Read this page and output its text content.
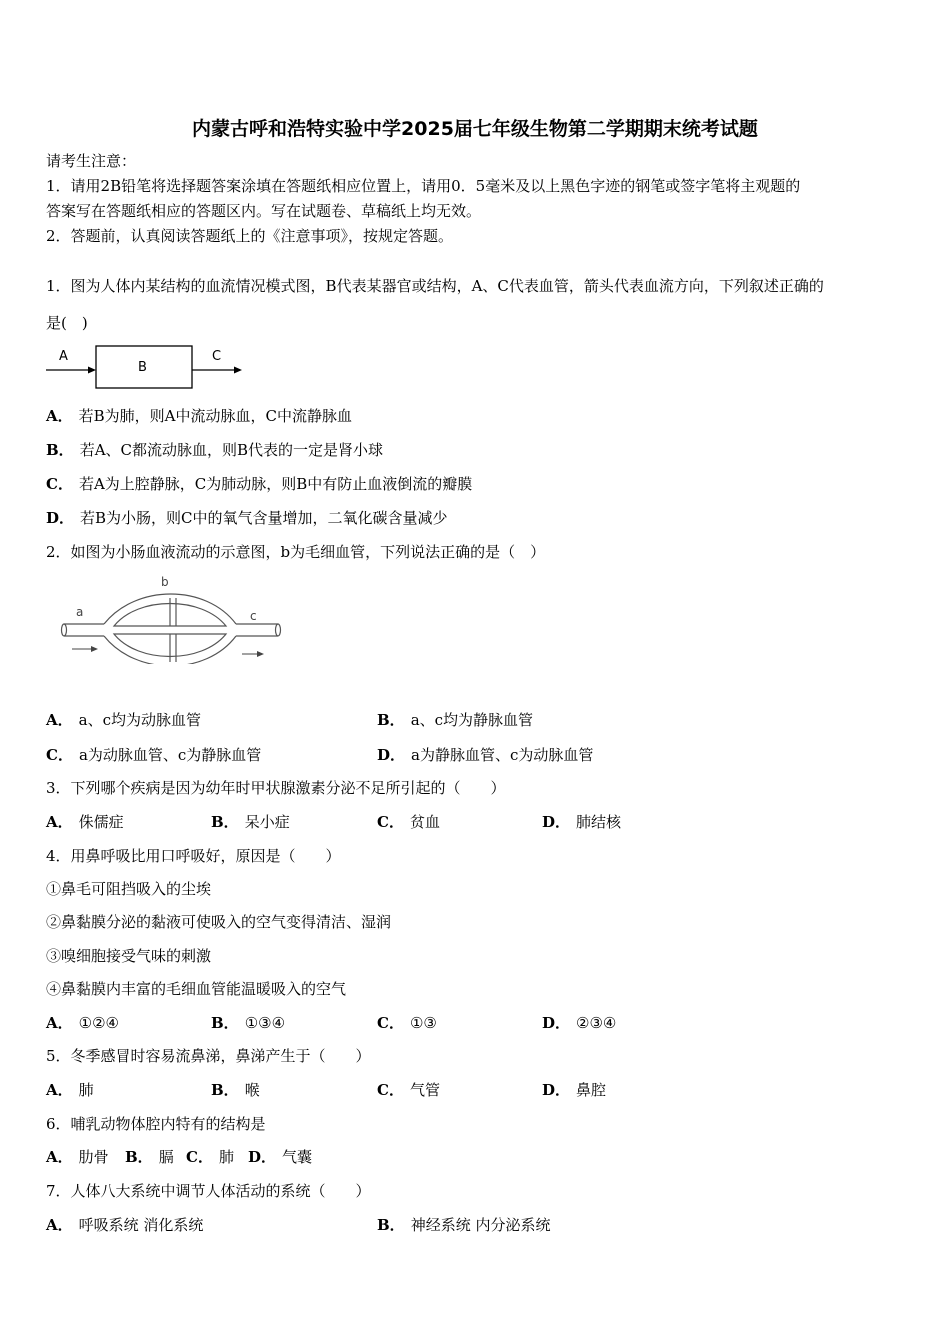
内蒙古呼和浩特实验中学2025届七年级生物第二学期期末统考试题
请考生注意：
1．请用2B铅笔将选择题答案涂填在答题纸相应位置上，请用0．5毫米及以上黑色字迹的钢笔或签字笔将主观题的
答案写在答题纸相应的答题区内。写在试题卷、草稿纸上均无效。
2．答题前，认真阅读答题纸上的《注意事项》，按规定答题。
1．图为人体内某结构的血流情况模式图，B代表某器官或结构，A、C代表血管，箭头代表血流方向，下列叙述正确的
是(　)
A
B
C
A． 若B为肺，则A中流动脉血，C中流静脉血
B． 若A、C都流动脉血，则B代表的一定是肾小球
C． 若A为上腔静脉，C为肺动脉，则B中有防止血液倒流的瓣膜
D． 若B为小肠，则C中的氧气含量增加，二氧化碳含量减少
2．如图为小肠血液流动的示意图，b为毛细血管，下列说法正确的是（　）
a
b
c
A． a、c均为动脉血管	B． a、c均为静脉血管
C． a为动脉血管、c为静脉血管	D． a为静脉血管、c为动脉血管
3．下列哪个疾病是因为幼年时甲状腺激素分泌不足所引起的（　　）
A． 侏儒症	B． 呆小症	C． 贫血	D． 肺结核
4．用鼻呼吸比用口呼吸好，原因是（　　）
①鼻毛可阻挡吸入的尘埃
②鼻黏膜分泌的黏液可使吸入的空气变得清洁、湿润
③嗅细胞接受气味的刺激
④鼻黏膜内丰富的毛细血管能温暖吸入的空气
A． ①②④	B． ①③④	C． ①③	D． ②③④
5．冬季感冒时容易流鼻涕，鼻涕产生于（　　）
A． 肺	B． 喉	C． 气管	D． 鼻腔
6．哺乳动物体腔内特有的结构是
A． 肋骨 B． 膈 C． 肺 D． 气囊
7．人体八大系统中调节人体活动的系统（　　）
A． 呼吸系统 消化系统	B． 神经系统 内分泌系统
